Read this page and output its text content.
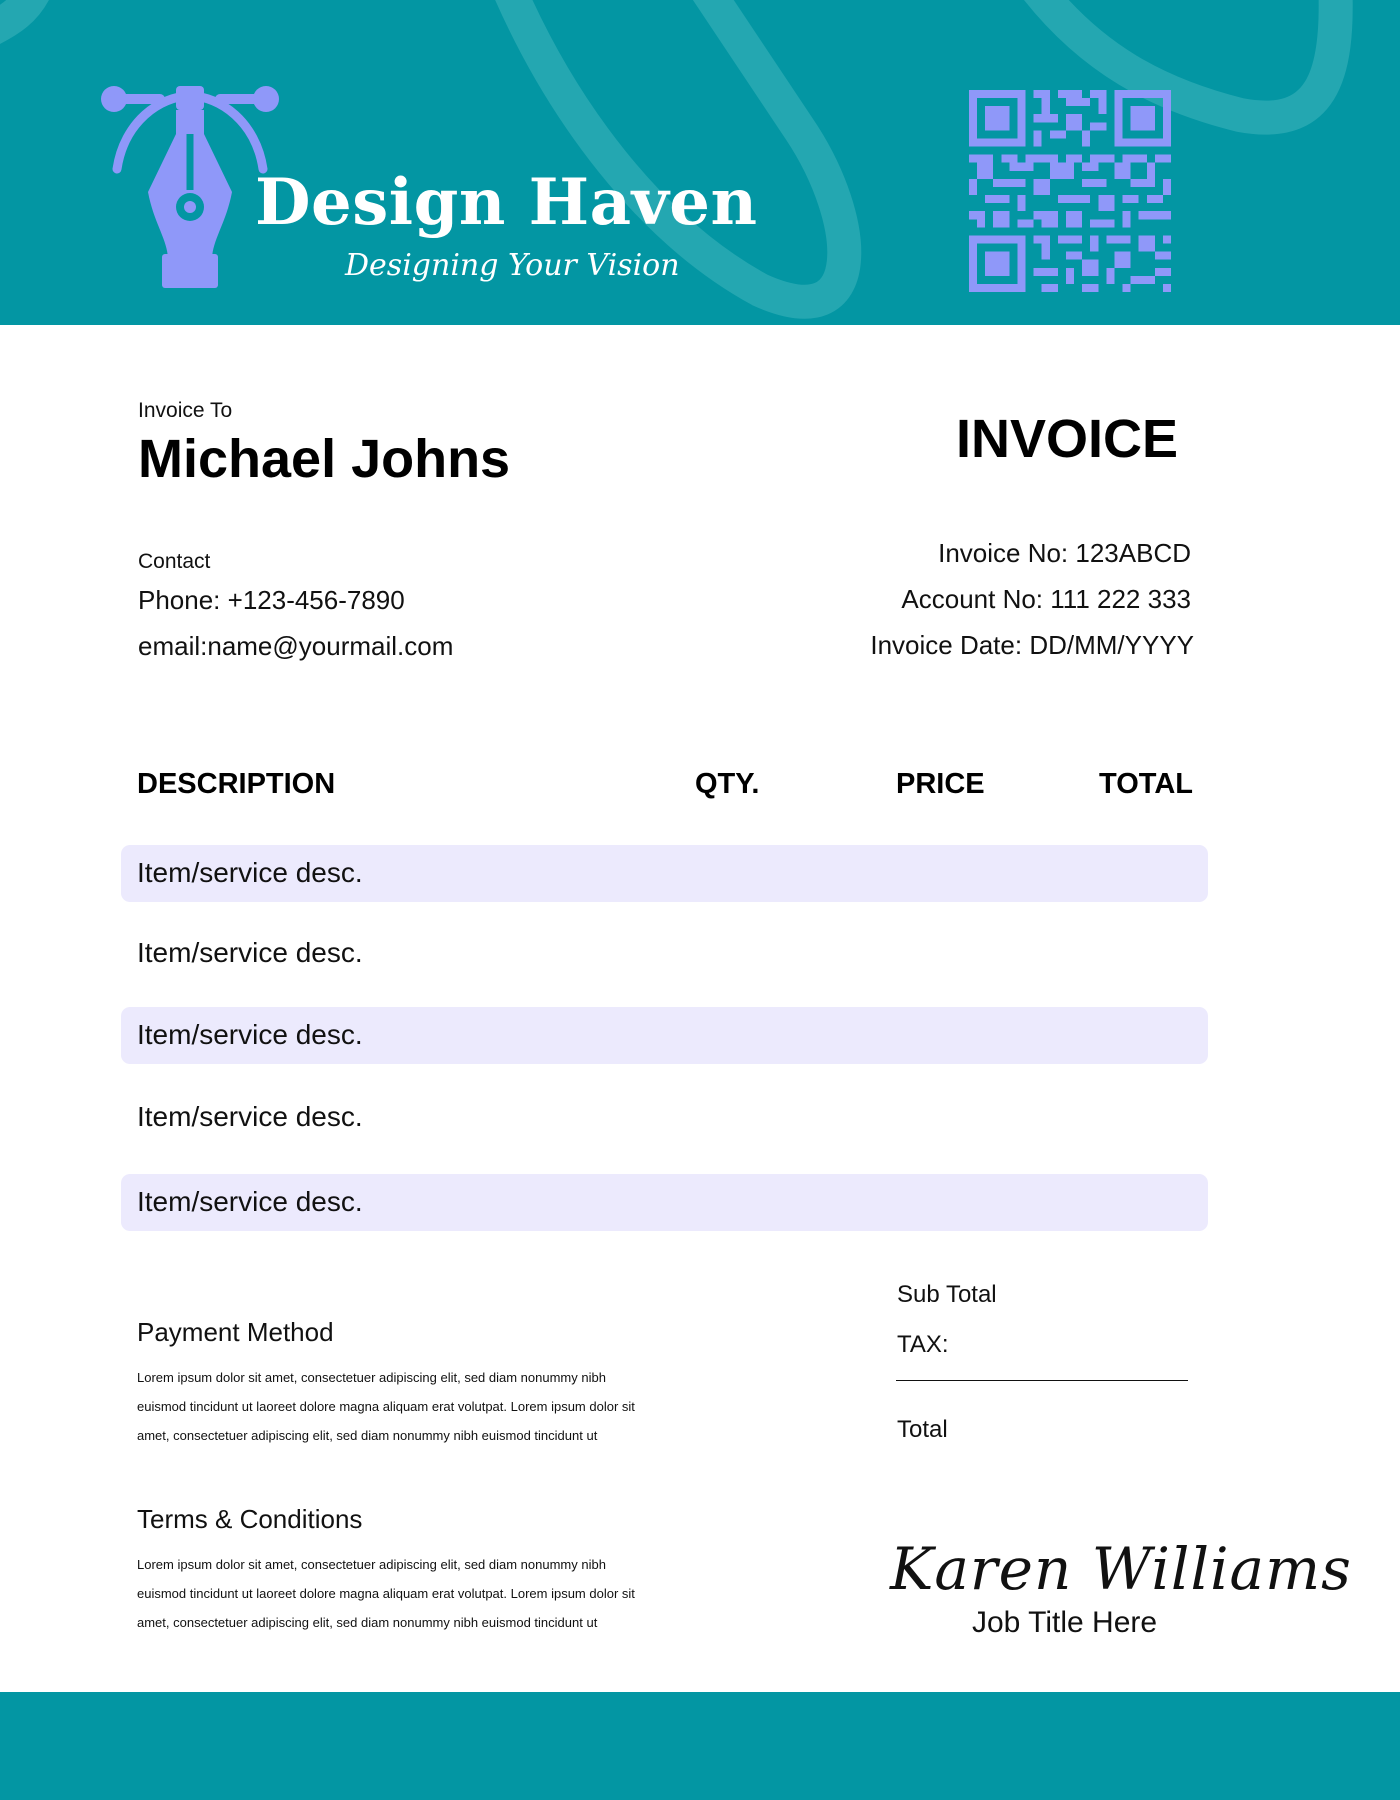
Design Haven
Designing Your Vision
Invoice To
Michael Johns	INVOICE
Contact
Phone: +123-456-7890
email:name@yourmail.com
Invoice No: 123ABCD
Account No: 111 222 333
Invoice Date: DD/MM/YYYY
DESCRIPTION	QTY.	PRICE	TOTAL
Item/service desc.
Item/service desc.
Item/service desc.
Item/service desc.
Item/service desc.
Payment Method
Lorem ipsum dolor sit amet, consectetuer adipiscing elit, sed diam nonummy nibh euismod tincidunt ut laoreet dolore magna aliquam erat volutpat. Lorem ipsum dolor sit amet, consectetuer adipiscing elit, sed diam nonummy nibh euismod tincidunt ut
Terms & Conditions
Lorem ipsum dolor sit amet, consectetuer adipiscing elit, sed diam nonummy nibh euismod tincidunt ut laoreet dolore magna aliquam erat volutpat. Lorem ipsum dolor sit amet, consectetuer adipiscing elit, sed diam nonummy nibh euismod tincidunt ut
Sub Total
TAX:
Total
Karen Williams
Job Title Here
